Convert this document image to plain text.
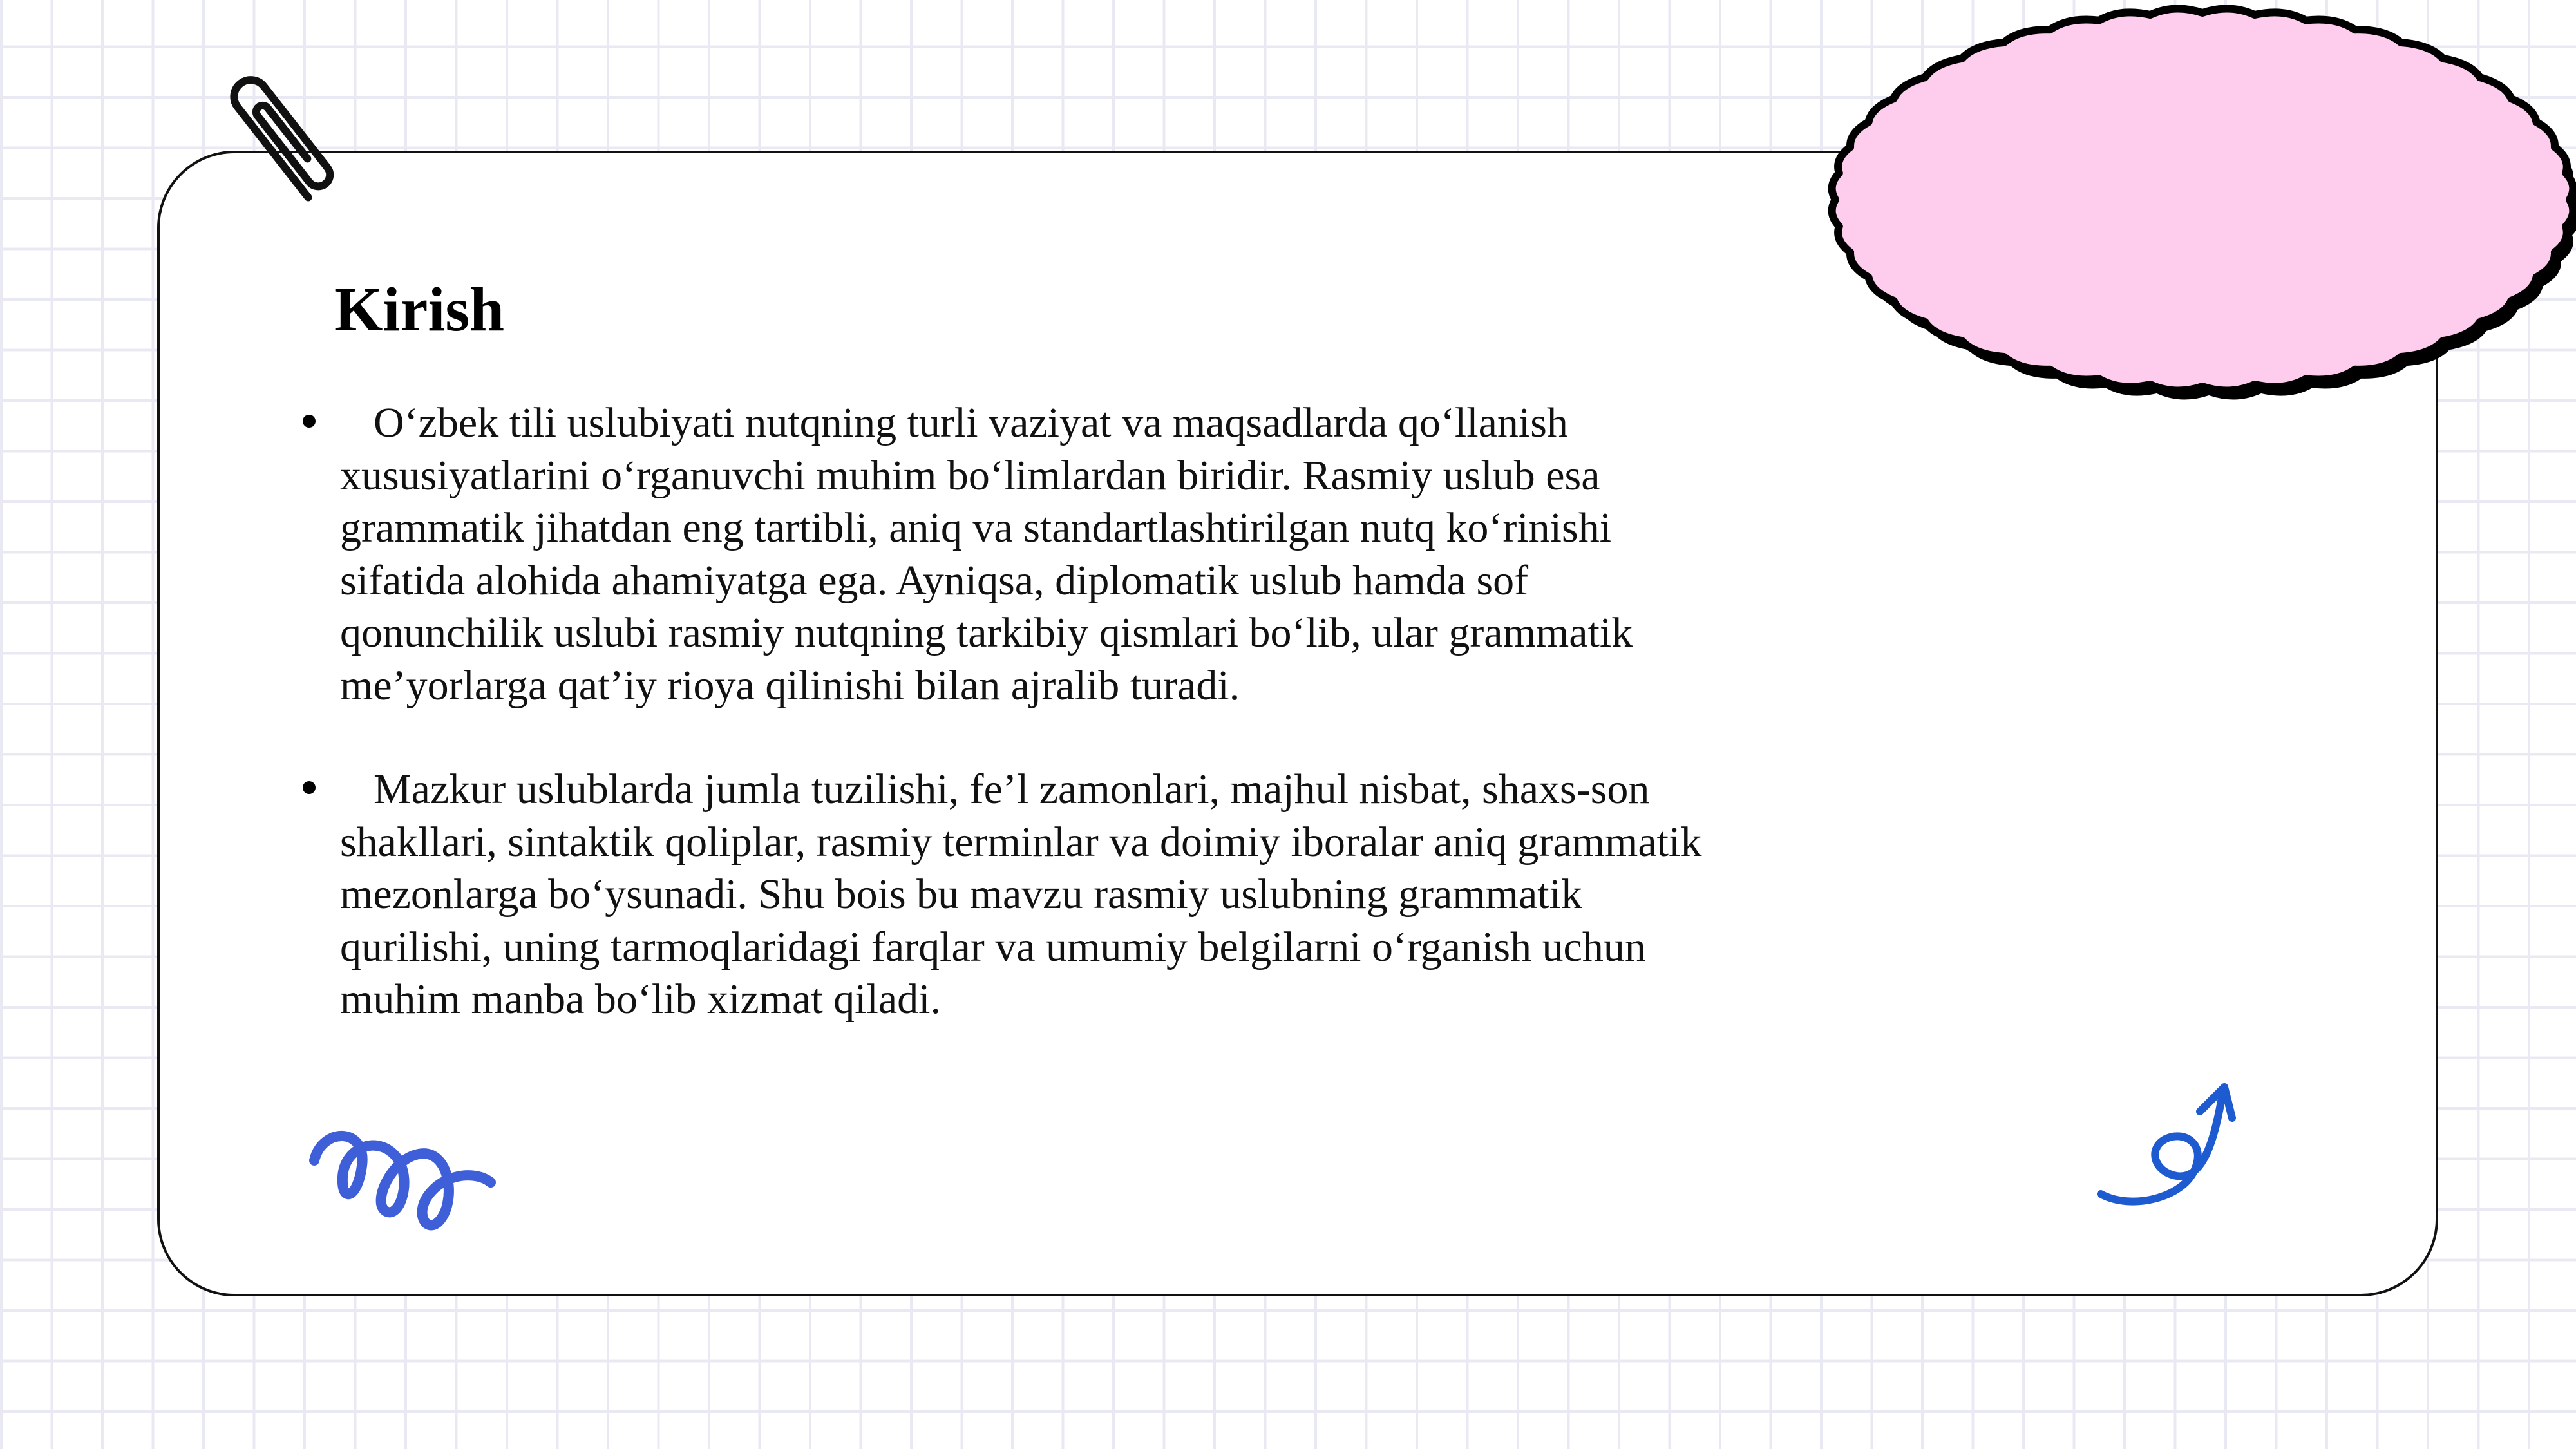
Kirish
O‘zbek tili uslubiyati nutqning turli vaziyat va maqsadlarda qo‘llanish xususiyatlarini o‘rganuvchi muhim bo‘limlardan biridir. Rasmiy uslub esa grammatik jihatdan eng tartibli, aniq va standartlashtirilgan nutq ko‘rinishi sifatida alohida ahamiyatga ega. Ayniqsa, diplomatik uslub hamda sof qonunchilik uslubi rasmiy nutqning tarkibiy qismlari bo‘lib, ular grammatik me’yorlarga qat’iy rioya qilinishi bilan ajralib turadi.
Mazkur uslublarda jumla tuzilishi, fe’l zamonlari, majhul nisbat, shaxs-son shakllari, sintaktik qoliplar, rasmiy terminlar va doimiy iboralar aniq grammatik mezonlarga bo‘ysunadi. Shu bois bu mavzu rasmiy uslubning grammatik qurilishi, uning tarmoqlaridagi farqlar va umumiy belgilarni o‘rganish uchun muhim manba bo‘lib xizmat qiladi.
